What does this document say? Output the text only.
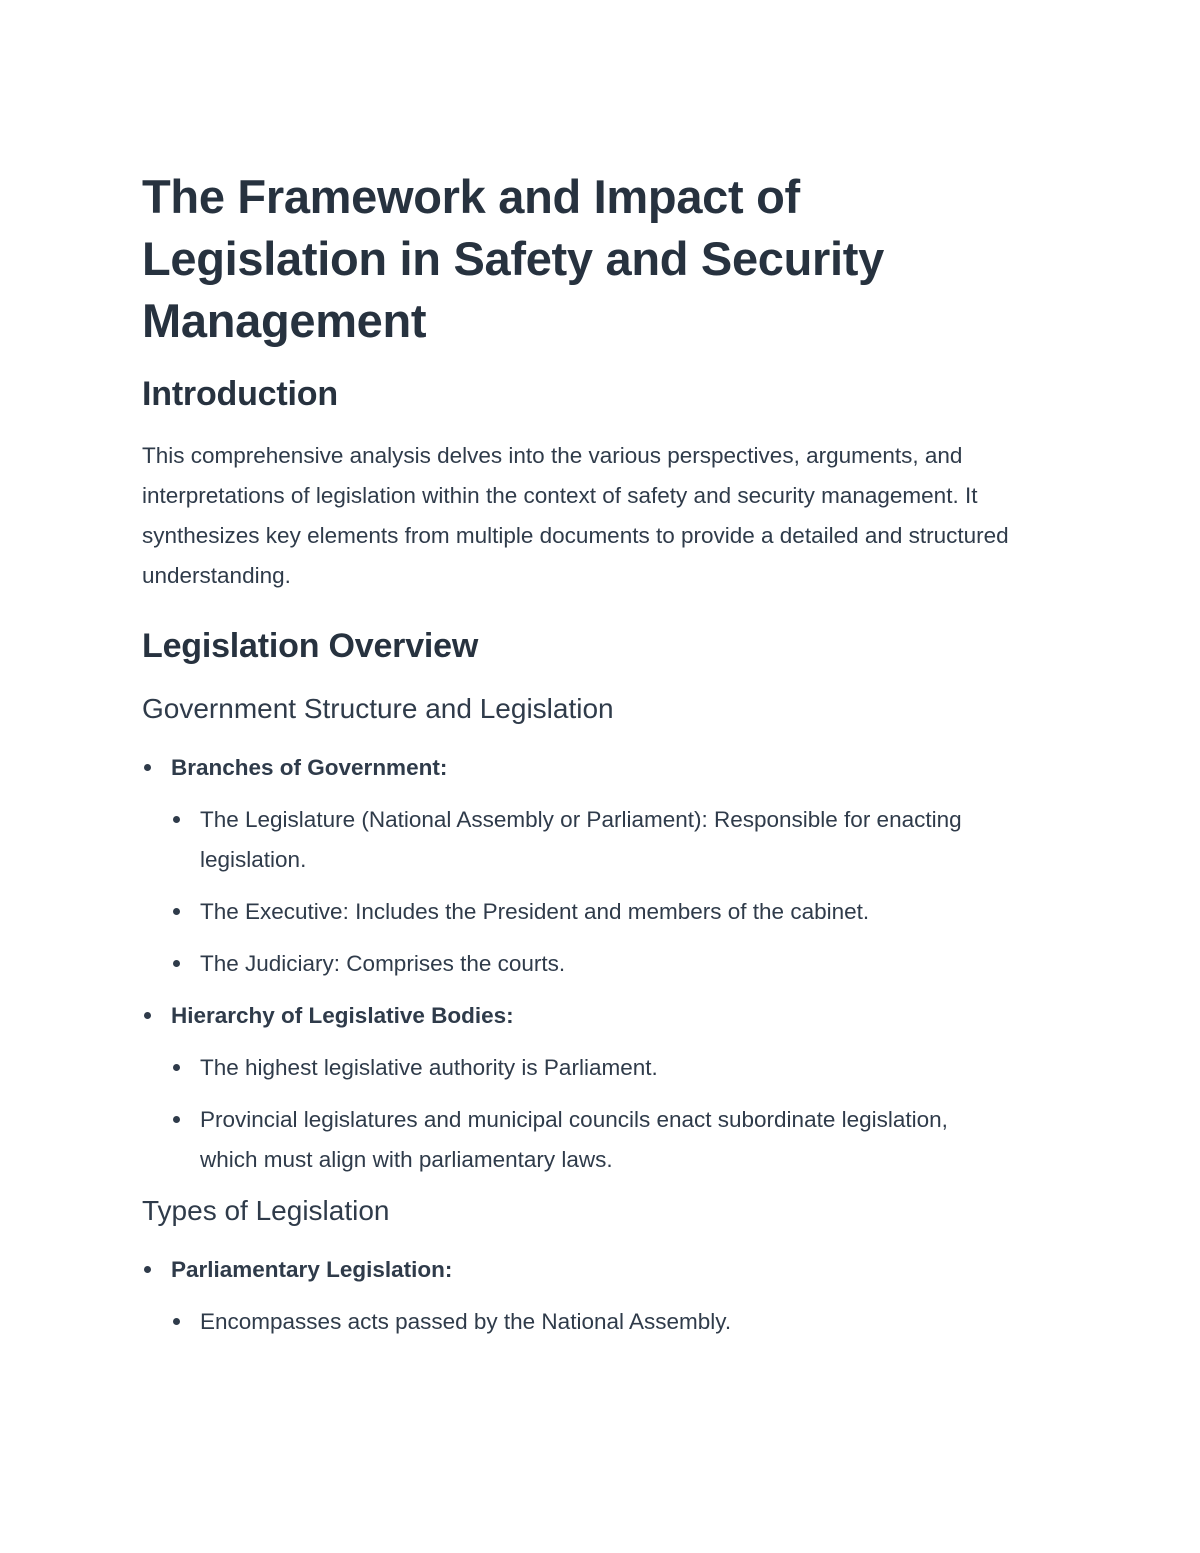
The Framework and Impact of Legislation in Safety and Security Management
Introduction

This comprehensive analysis delves into the various perspectives, arguments, and interpretations of legislation within the context of safety and security management. It synthesizes key elements from multiple documents to provide a detailed and structured understanding.

Legislation Overview
Government Structure and Legislation
Branches of Government:
The Legislature (National Assembly or Parliament): Responsible for enacting legislation.
The Executive: Includes the President and members of the cabinet.
The Judiciary: Comprises the courts.
Hierarchy of Legislative Bodies:
The highest legislative authority is Parliament.
Provincial legislatures and municipal councils enact subordinate legislation, which must align with parliamentary laws.
Types of Legislation
Parliamentary Legislation:
Encompasses acts passed by the National Assembly.
